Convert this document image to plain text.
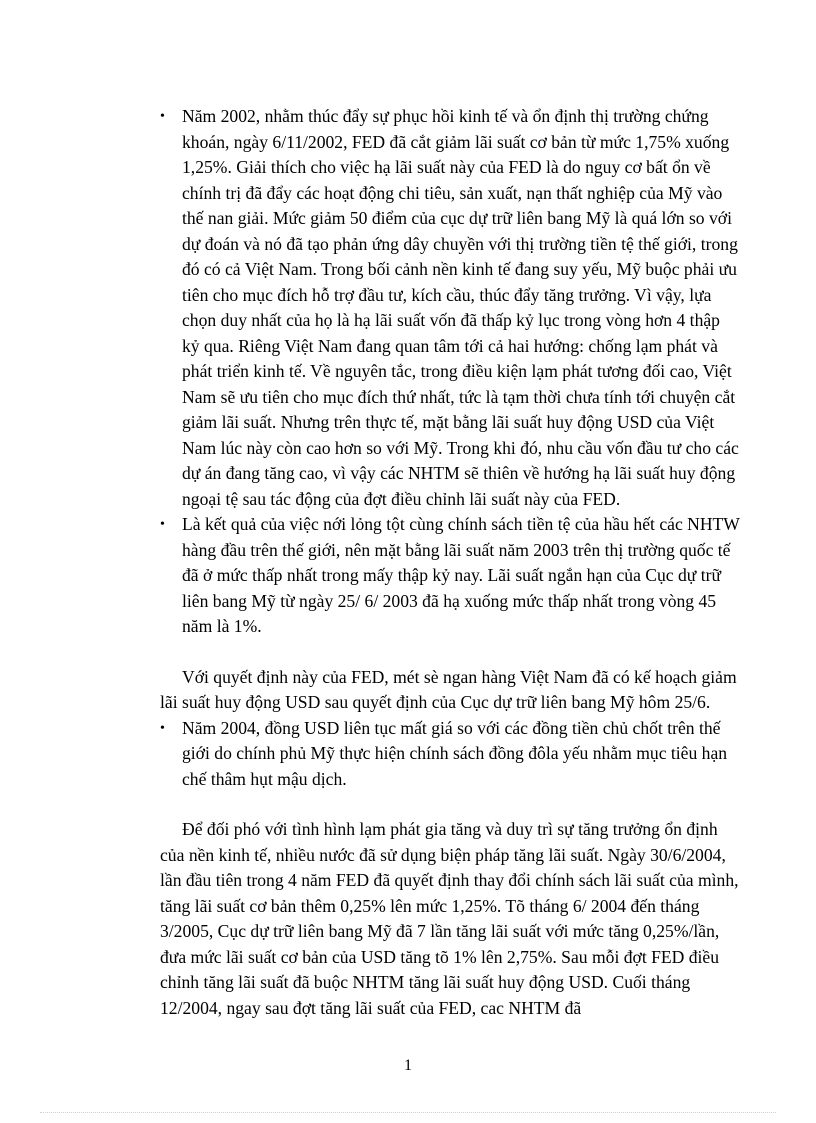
• Năm 2002, nhằm thúc đẩy sự phục hồi kinh tế và ổn định thị trường chứng khoán, ngày 6/11/2002, FED đã cắt giảm lãi suất cơ bản từ mức 1,75% xuống 1,25%. Giải thích cho việc hạ lãi suất này của FED là do nguy cơ bất ổn về chính trị đã đẩy các hoạt động chi tiêu, sản xuất, nạn thất nghiệp của Mỹ vào thế nan giải. Mức giảm 50 điểm của cục dự trữ liên bang Mỹ là quá lớn so với dự đoán và nó đã tạo phản ứng dây chuyền với thị trường tiền tệ thế giới, trong đó có cả Việt Nam. Trong bối cảnh nền kinh tế đang suy yếu, Mỹ buộc phải ưu tiên cho mục đích hỗ trợ đầu tư, kích cầu, thúc đẩy tăng trưởng. Vì vậy, lựa chọn duy nhất của họ là hạ lãi suất vốn đã thấp kỷ lục trong vòng hơn 4 thập kỷ qua. Riêng Việt Nam đang quan tâm tới cả hai hướng: chống lạm phát và phát triển kinh tế. Về nguyên tắc, trong điều kiện lạm phát tương đối cao, Việt Nam sẽ ưu tiên cho mục đích thứ nhất, tức là tạm thời chưa tính tới chuyện cắt giảm lãi suất. Nhưng trên thực tế, mặt bằng lãi suất huy động USD của Việt Nam lúc này còn cao hơn so với Mỹ. Trong khi đó, nhu cầu vốn đầu tư cho các dự án đang tăng cao, vì vậy các NHTM sẽ thiên về hướng hạ lãi suất huy động ngoại tệ sau tác động của đợt điều chỉnh lãi suất này của FED.

• Là kết quả của việc nới lỏng tột cùng chính sách tiền tệ của hầu hết các NHTW hàng đầu trên thế giới, nên mặt bằng lãi suất năm 2003 trên thị trường quốc tế đã ở mức thấp nhất trong mấy thập kỷ nay. Lãi suất ngắn hạn của Cục dự trữ liên bang Mỹ từ ngày 25/ 6/ 2003 đã hạ xuống mức thấp nhất trong vòng 45 năm là 1%.

Với quyết định này của FED, mét sè ngan hàng Việt Nam đã có kế hoạch giảm lãi suất huy động USD sau quyết định của Cục dự trữ liên bang Mỹ hôm 25/6.

• Năm 2004, đồng USD liên tục mất giá so với các đồng tiền chủ chốt trên thế giới do chính phủ Mỹ thực hiện chính sách đồng đôla yếu nhằm mục tiêu hạn chế thâm hụt mậu dịch.

Để đối phó với tình hình lạm phát gia tăng và duy trì sự tăng trưởng ổn định của nền kinh tế, nhiều nước đã sử dụng biện pháp tăng lãi suất. Ngày 30/6/2004, lần đầu tiên trong 4 năm FED đã quyết định thay đổi chính sách lãi suất của mình, tăng lãi suất cơ bản thêm 0,25% lên mức 1,25%. Tõ tháng 6/ 2004 đến tháng 3/2005, Cục dự trữ liên bang Mỹ đã 7 lần tăng lãi suất với mức tăng 0,25%/lần, đưa mức lãi suất cơ bản của USD tăng tõ 1% lên 2,75%. Sau mỗi đợt FED điều chỉnh tăng lãi suất đã buộc NHTM tăng lãi suất huy động USD. Cuối tháng 12/2004, ngay sau đợt tăng lãi suất của FED, cac NHTM đã

1
